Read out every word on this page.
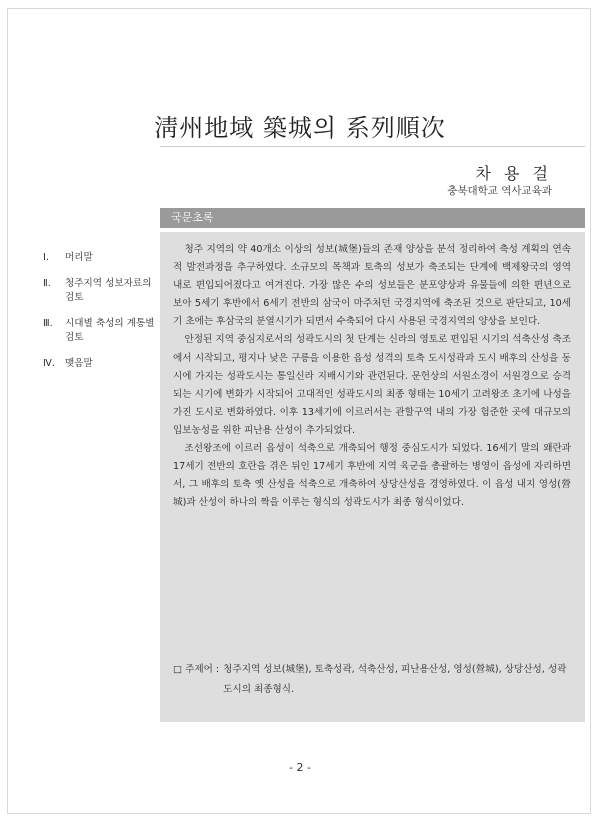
淸州地域 築城의 系列順次
차 용 걸
충북대학교 역사교육과
Ⅰ.	머리말
Ⅱ.	청주지역 성보자료의 검토
Ⅲ.	시대별 축성의 계통별 검토
Ⅳ.	맺음말
국문초록

청주 지역의 약 40개소 이상의 성보(城堡)들의 존재 양상을 분석 정리하여 축성 계획의 연속적 발전과정을 추구하였다. 소규모의 목책과 토축의 성보가 축조되는 단계에 백제왕국의 영역 내로 편입되어졌다고 여겨진다. 가장 많은 수의 성보들은 분포양상과 유물들에 의한 편년으로 보아 5세기 후반에서 6세기 전반의 삼국이 마주처던 국경지역에 축조된 것으로 판단되고, 10세기 초에는 후삼국의 분열시기가 되면서 수축되어 다시 사용된 국경지역의 양상을 보인다.

안정된 지역 중심지로서의 성곽도시의 첫 단계는 신라의 영토로 편입된 시기의 석축산성 축조에서 시작되고, 평지나 낮은 구릉을 이용한 읍성 성격의 토축 도시성곽과 도시 배후의 산성을 동시에 가지는 성곽도시는 통일신라 지배시기와 관련된다. 문헌상의 서원소경이 서원경으로 승격되는 시기에 변화가 시작되어 고대적인 성곽도시의 최종 형태는 10세기 고려왕조 초기에 나성을 가진 도시로 변화하였다. 이후 13세기에 이르러서는 관할구역 내의 가장 험준한 곳에 대규모의 입보농성을 위한 피난용 산성이 추가되었다.

조선왕조에 이르러 읍성이 석축으로 개축되어 행정 중심도시가 되었다. 16세기 말의 왜란과 17세기 전반의 호란을 겪은 뒤인 17세기 후반에 지역 육군을 총괄하는 병영이 읍성에 자리하면서, 그 배후의 토축 옛 산성을 석축으로 개축하여 상당산성을 경영하였다. 이 읍성 내지 영성(營城)과 산성이 하나의 짝을 이루는 형식의 성곽도시가 최종 형식이었다.

□ 주제어 : 청주지역 성보(城堡), 토축성곽, 석축산성, 피난용산성, 영성(營城), 상당산성, 성곽도시의 최종형식.
- 2 -
